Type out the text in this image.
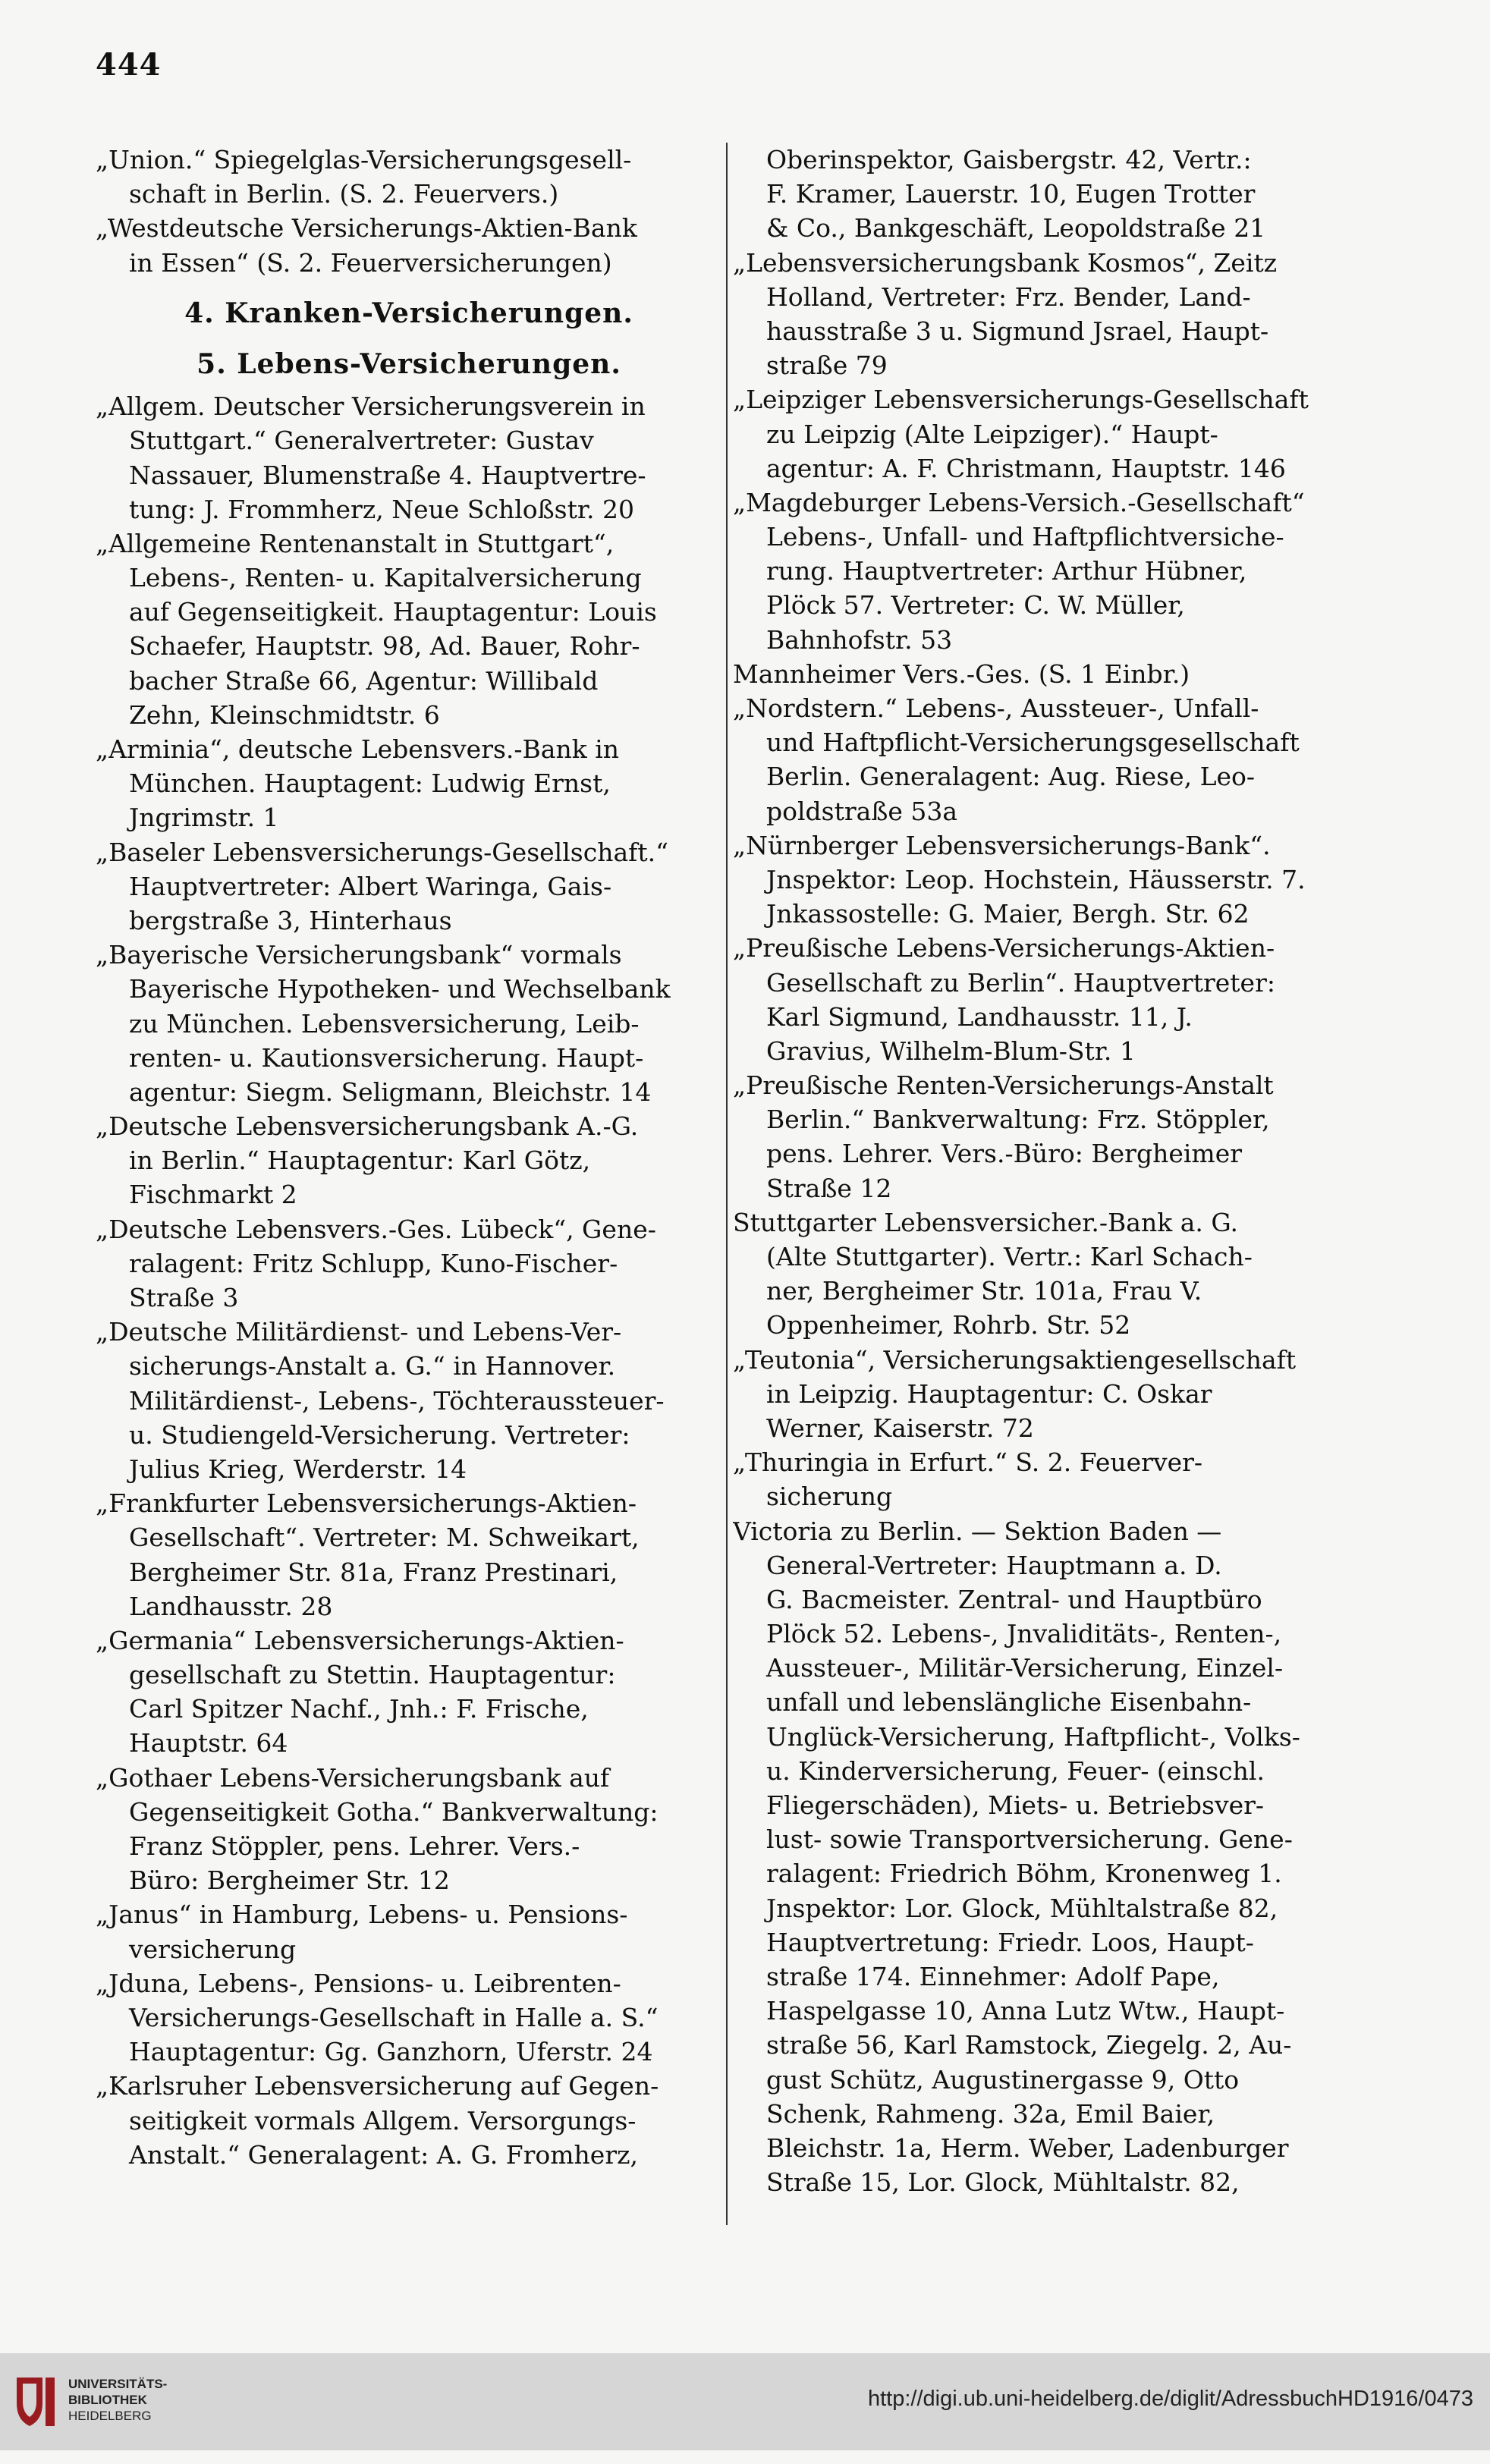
444
„Union.“ Spiegelglas-Versicherungsgesell-
schaft in Berlin. (S. 2. Feuervers.)
„Westdeutsche Versicherungs-Aktien-Bank
in Essen“ (S. 2. Feuerversicherungen)
4. Kranken-Versicherungen.
5. Lebens-Versicherungen.
„Allgem. Deutscher Versicherungsverein in
Stuttgart.“ Generalvertreter: Gustav
Nassauer, Blumenstraße 4. Hauptvertre-
tung: J. Frommherz, Neue Schloßstr. 20
„Allgemeine Rentenanstalt in Stuttgart“,
Lebens-, Renten- u. Kapitalversicherung
auf Gegenseitigkeit. Hauptagentur: Louis
Schaefer, Hauptstr. 98, Ad. Bauer, Rohr-
bacher Straße 66, Agentur: Willibald
Zehn, Kleinschmidtstr. 6
„Arminia“, deutsche Lebensvers.-Bank in
München. Hauptagent: Ludwig Ernst,
Jngrimstr. 1
„Baseler Lebensversicherungs-Gesellschaft.“
Hauptvertreter: Albert Waringa, Gais-
bergstraße 3, Hinterhaus
„Bayerische Versicherungsbank“ vormals
Bayerische Hypotheken- und Wechselbank
zu München. Lebensversicherung, Leib-
renten- u. Kautionsversicherung. Haupt-
agentur: Siegm. Seligmann, Bleichstr. 14
„Deutsche Lebensversicherungsbank A.-G.
in Berlin.“ Hauptagentur: Karl Götz,
Fischmarkt 2
„Deutsche Lebensvers.-Ges. Lübeck“, Gene-
ralagent: Fritz Schlupp, Kuno-Fischer-
Straße 3
„Deutsche Militärdienst- und Lebens-Ver-
sicherungs-Anstalt a. G.“ in Hannover.
Militärdienst-, Lebens-, Töchteraussteuer-
u. Studiengeld-Versicherung. Vertreter:
Julius Krieg, Werderstr. 14
„Frankfurter Lebensversicherungs-Aktien-
Gesellschaft“. Vertreter: M. Schweikart,
Bergheimer Str. 81a, Franz Prestinari,
Landhausstr. 28
„Germania“ Lebensversicherungs-Aktien-
gesellschaft zu Stettin. Hauptagentur:
Carl Spitzer Nachf., Jnh.: F. Frische,
Hauptstr. 64
„Gothaer Lebens-Versicherungsbank auf
Gegenseitigkeit Gotha.“ Bankverwaltung:
Franz Stöppler, pens. Lehrer. Vers.-
Büro: Bergheimer Str. 12
„Janus“ in Hamburg, Lebens- u. Pensions-
versicherung
„Jduna, Lebens-, Pensions- u. Leibrenten-
Versicherungs-Gesellschaft in Halle a. S.“
Hauptagentur: Gg. Ganzhorn, Uferstr. 24
„Karlsruher Lebensversicherung auf Gegen-
seitigkeit vormals Allgem. Versorgungs-
Anstalt.“ Generalagent: A. G. Fromherz,
Oberinspektor, Gaisbergstr. 42, Vertr.:
F. Kramer, Lauerstr. 10, Eugen Trotter
& Co., Bankgeschäft, Leopoldstraße 21
„Lebensversicherungsbank Kosmos“, Zeitz
Holland, Vertreter: Frz. Bender, Land-
hausstraße 3 u. Sigmund Jsrael, Haupt-
straße 79
„Leipziger Lebensversicherungs-Gesellschaft
zu Leipzig (Alte Leipziger).“ Haupt-
agentur: A. F. Christmann, Hauptstr. 146
„Magdeburger Lebens-Versich.-Gesellschaft“
Lebens-, Unfall- und Haftpflichtversiche-
rung. Hauptvertreter: Arthur Hübner,
Plöck 57. Vertreter: C. W. Müller,
Bahnhofstr. 53
Mannheimer Vers.-Ges. (S. 1 Einbr.)
„Nordstern.“ Lebens-, Aussteuer-, Unfall-
und Haftpflicht-Versicherungsgesellschaft
Berlin. Generalagent: Aug. Riese, Leo-
poldstraße 53a
„Nürnberger Lebensversicherungs-Bank“.
Jnspektor: Leop. Hochstein, Häusserstr. 7.
Jnkassostelle: G. Maier, Bergh. Str. 62
„Preußische Lebens-Versicherungs-Aktien-
Gesellschaft zu Berlin“. Hauptvertreter:
Karl Sigmund, Landhausstr. 11, J.
Gravius, Wilhelm-Blum-Str. 1
„Preußische Renten-Versicherungs-Anstalt
Berlin.“ Bankverwaltung: Frz. Stöppler,
pens. Lehrer. Vers.-Büro: Bergheimer
Straße 12
Stuttgarter Lebensversicher.-Bank a. G.
(Alte Stuttgarter). Vertr.: Karl Schach-
ner, Bergheimer Str. 101a, Frau V.
Oppenheimer, Rohrb. Str. 52
„Teutonia“, Versicherungsaktiengesellschaft
in Leipzig. Hauptagentur: C. Oskar
Werner, Kaiserstr. 72
„Thuringia in Erfurt.“ S. 2. Feuerver-
sicherung
Victoria zu Berlin. — Sektion Baden —
General-Vertreter: Hauptmann a. D.
G. Bacmeister. Zentral- und Hauptbüro
Plöck 52. Lebens-, Jnvaliditäts-, Renten-,
Aussteuer-, Militär-Versicherung, Einzel-
unfall und lebenslängliche Eisenbahn-
Unglück-Versicherung, Haftpflicht-, Volks-
u. Kinderversicherung, Feuer- (einschl.
Fliegerschäden), Miets- u. Betriebsver-
lust- sowie Transportversicherung. Gene-
ralagent: Friedrich Böhm, Kronenweg 1.
Jnspektor: Lor. Glock, Mühltalstraße 82,
Hauptvertretung: Friedr. Loos, Haupt-
straße 174. Einnehmer: Adolf Pape,
Haspelgasse 10, Anna Lutz Wtw., Haupt-
straße 56, Karl Ramstock, Ziegelg. 2, Au-
gust Schütz, Augustinergasse 9, Otto
Schenk, Rahmeng. 32a, Emil Baier,
Bleichstr. 1a, Herm. Weber, Ladenburger
Straße 15, Lor. Glock, Mühltalstr. 82,
UNIVERSITÄTS-
BIBLIOTHEK
HEIDELBERG
http://digi.ub.uni-heidelberg.de/diglit/AdressbuchHD1916/0473
